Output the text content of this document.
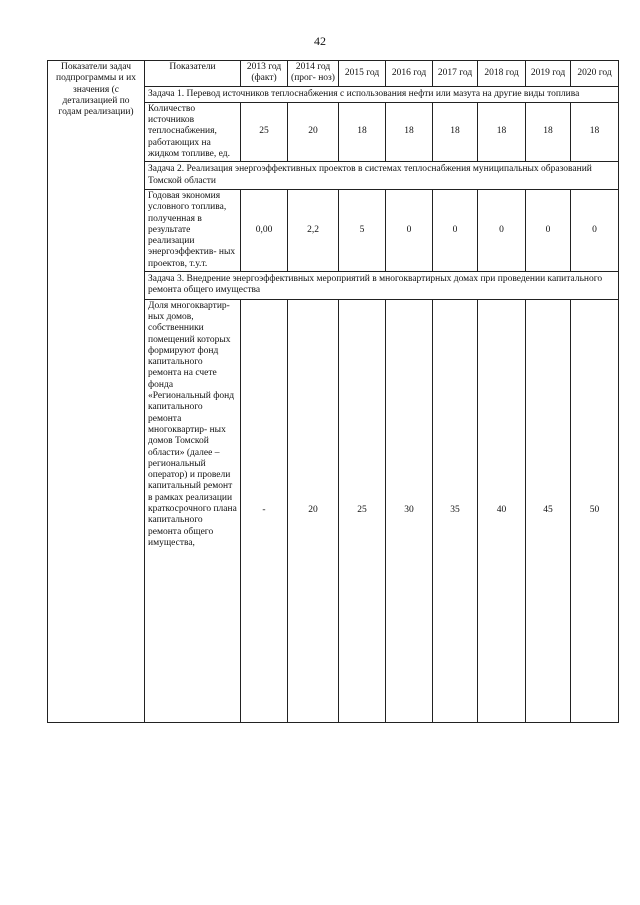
42
Показатели задач подпрограммы и их значения (с детализацией по годам реализации)	Показатели	2013 год (факт)	2014 год (прог- ноз)	2015 год	2016 год	2017 год	2018 год	2019 год	2020 год
	Задача 1. Перевод источников теплоснабжения с использования нефти или мазута на другие виды топлива								
	Количество источников теплоснабжения, работающих на жидком топливе, ед.	25	20	18	18	18	18	18	18
	Задача 2. Реализация энергоэффективных проектов в системах теплоснабжения муниципальных образований Томской области								
	Годовая экономия условного топлива, полученная в результате реализации энергоэффектив- ных проектов, т.у.т.	0,00	2,2	5	0	0	0	0	0
	Задача 3. Внедрение энергоэффективных мероприятий в многоквартирных домах при проведении капитального ремонта общего имущества								
	Доля многоквартир- ных домов, собственники помещений которых формируют фонд капитального ремонта на счете фонда «Региональный фонд капитального ремонта многоквартир- ных домов Томской области» (далее – региональный оператор) и провели капитальный ремонт в рамках реализации краткосрочного плана капитального ремонта общего имущества,	-	20	25	30	35	40	45	50
